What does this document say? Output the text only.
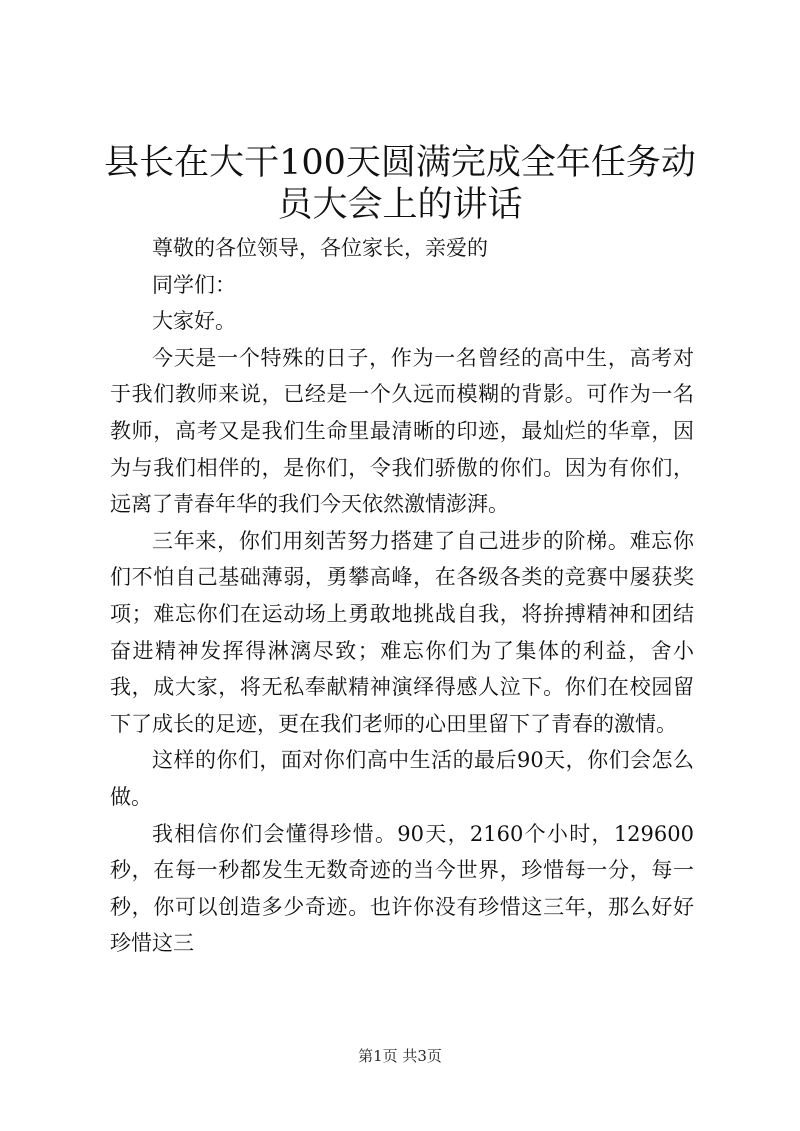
县长在大干100天圆满完成全年任务动员大会上的讲话

尊敬的各位领导，各位家长，亲爱的

同学们：

大家好。

今天是一个特殊的日子，作为一名曾经的高中生，高考对于我们教师来说，已经是一个久远而模糊的背影。可作为一名教师，高考又是我们生命里最清晰的印迹，最灿烂的华章，因为与我们相伴的，是你们，令我们骄傲的你们。因为有你们，远离了青春年华的我们今天依然激情澎湃。

三年来，你们用刻苦努力搭建了自己进步的阶梯。难忘你们不怕自己基础薄弱，勇攀高峰，在各级各类的竞赛中屡获奖项；难忘你们在运动场上勇敢地挑战自我，将拚搏精神和团结奋进精神发挥得淋漓尽致；难忘你们为了集体的利益，舍小我，成大家，将无私奉献精神演绎得感人泣下。你们在校园留下了成长的足迹，更在我们老师的心田里留下了青春的激情。

这样的你们，面对你们高中生活的最后90天，你们会怎么做。

我相信你们会懂得珍惜。90天，2160个小时，129600秒，在每一秒都发生无数奇迹的当今世界，珍惜每一分，每一秒，你可以创造多少奇迹。也许你没有珍惜这三年，那么好好珍惜这三

第1页 共3页
